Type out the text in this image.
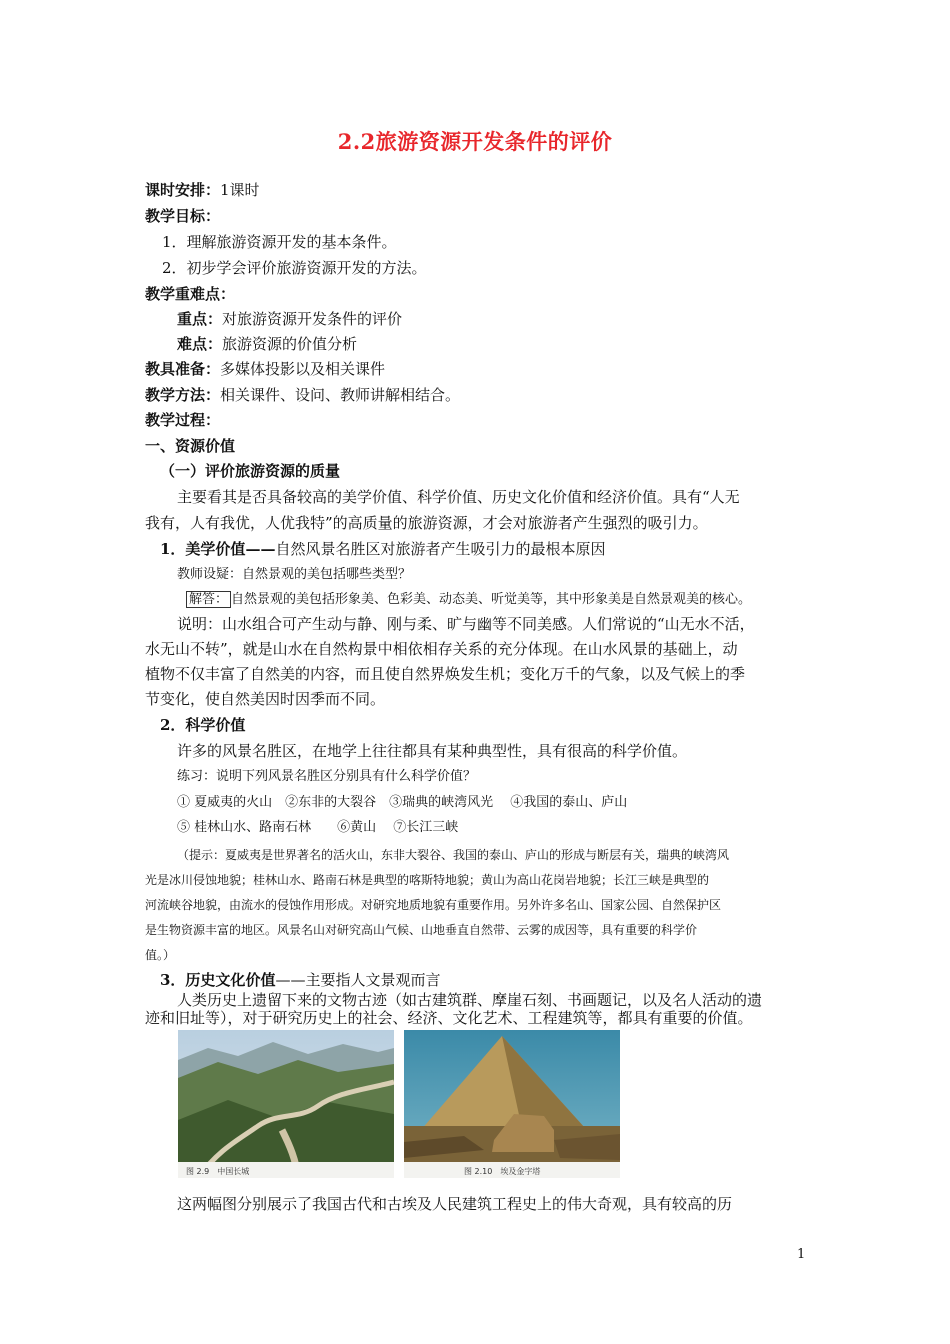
2.2旅游资源开发条件的评价
课时安排：1课时
教学目标：
1．理解旅游资源开发的基本条件。
2．初步学会评价旅游资源开发的方法。
教学重难点：
重点：对旅游资源开发条件的评价
难点：旅游资源的价值分析
教具准备：多媒体投影以及相关课件
教学方法：相关课件、设问、教师讲解相结合。
教学过程：
一、资源价值
（一）评价旅游资源的质量
主要看其是否具备较高的美学价值、科学价值、历史文化价值和经济价值。具有“人无
我有，人有我优，人优我特”的高质量的旅游资源，才会对旅游者产生强烈的吸引力。
1．美学价值——自然风景名胜区对旅游者产生吸引力的最根本原因
教师设疑：自然景观的美包括哪些类型？
解答： 自然景观的美包括形象美、色彩美、动态美、听觉美等，其中形象美是自然景观美的核心。
说明：山水组合可产生动与静、刚与柔、旷与幽等不同美感。人们常说的“山无水不活，
水无山不转”，就是山水在自然构景中相依相存关系的充分体现。在山水风景的基础上，动
植物不仅丰富了自然美的内容，而且使自然界焕发生机；变化万千的气象，以及气候上的季
节变化，使自然美因时因季而不同。
2．科学价值
许多的风景名胜区，在地学上往往都具有某种典型性，具有很高的科学价值。
练习：说明下列风景名胜区分别具有什么科学价值？
① 夏威夷的火山　②东非的大裂谷　③瑞典的峡湾风光　 ④我国的泰山、庐山
⑤ 桂林山水、路南石林　　⑥黄山　 ⑦长江三峡
（提示：夏威夷是世界著名的活火山，东非大裂谷、我国的泰山、庐山的形成与断层有关，瑞典的峡湾风
光是冰川侵蚀地貌；桂林山水、路南石林是典型的喀斯特地貌；黄山为高山花岗岩地貌；长江三峡是典型的
河流峡谷地貌，由流水的侵蚀作用形成。对研究地质地貌有重要作用。另外许多名山、国家公园、自然保护区
是生物资源丰富的地区。风景名山对研究高山气候、山地垂直自然带、云雾的成因等，具有重要的科学价
值。）
3．历史文化价值——主要指人文景观而言
人类历史上遗留下来的文物古迹（如古建筑群、摩崖石刻、书画题记，以及名人活动的遗
迹和旧址等），对于研究历史上的社会、经济、文化艺术、工程建筑等，都具有重要的价值。
图 2.9　中国长城	图 2.10　埃及金字塔
这两幅图分别展示了我国古代和古埃及人民建筑工程史上的伟大奇观，具有较高的历
1
